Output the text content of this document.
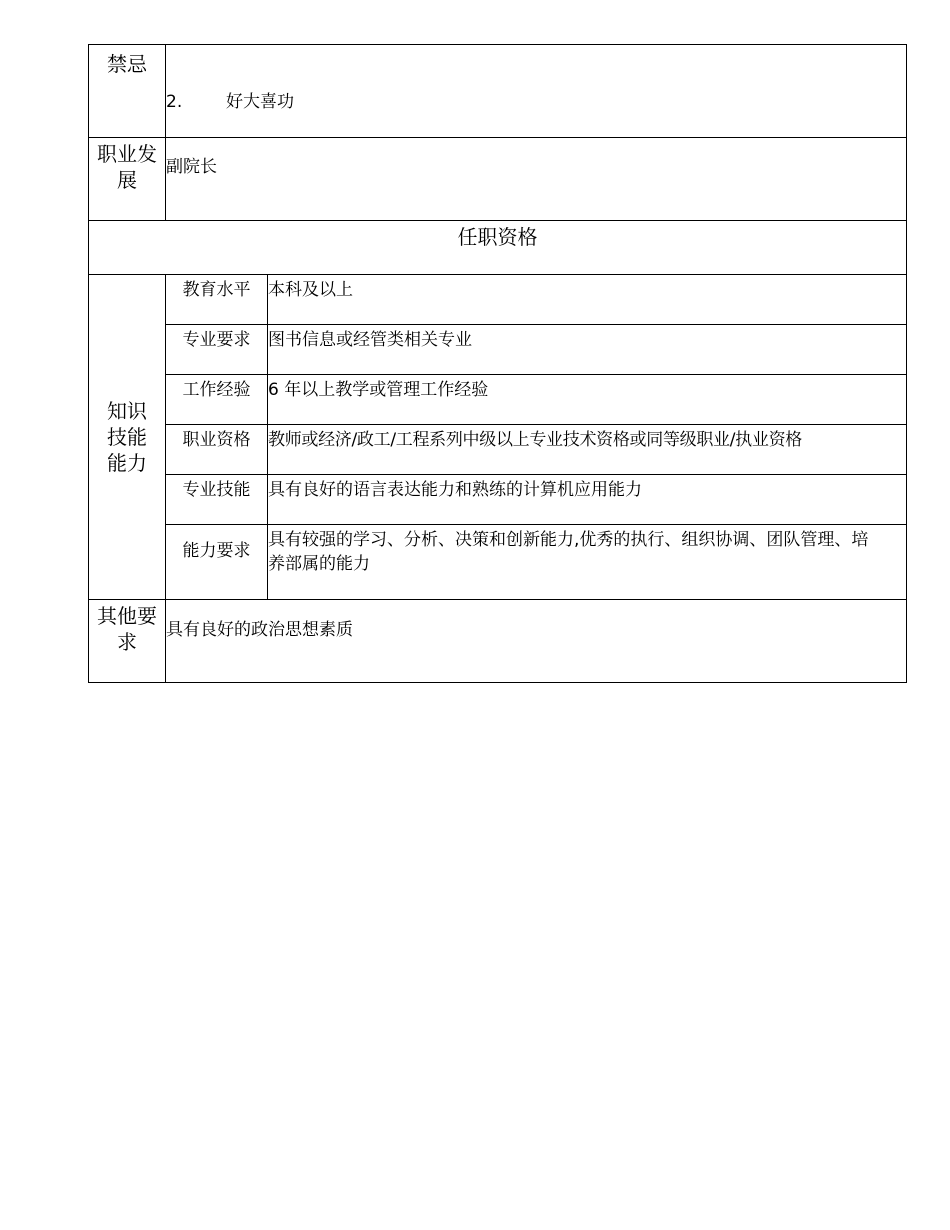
禁忌	2. 好大喜功	

职业发展	副院长	

任职资格		

知识技能能力	教育水平	本科及以上

	专业要求	图书信息或经管类相关专业

	工作经验	6 年以上教学或管理工作经验

	职业资格	教师或经济/政工/工程系列中级以上专业技术资格或同等级职业/执业资格

	专业技能	具有良好的语言表达能力和熟练的计算机应用能力

	能力要求	具有较强的学习、分析、决策和创新能力,优秀的执行、组织协调、团队管理、培养部属的能力

其他要求	具有良好的政治思想素质	
